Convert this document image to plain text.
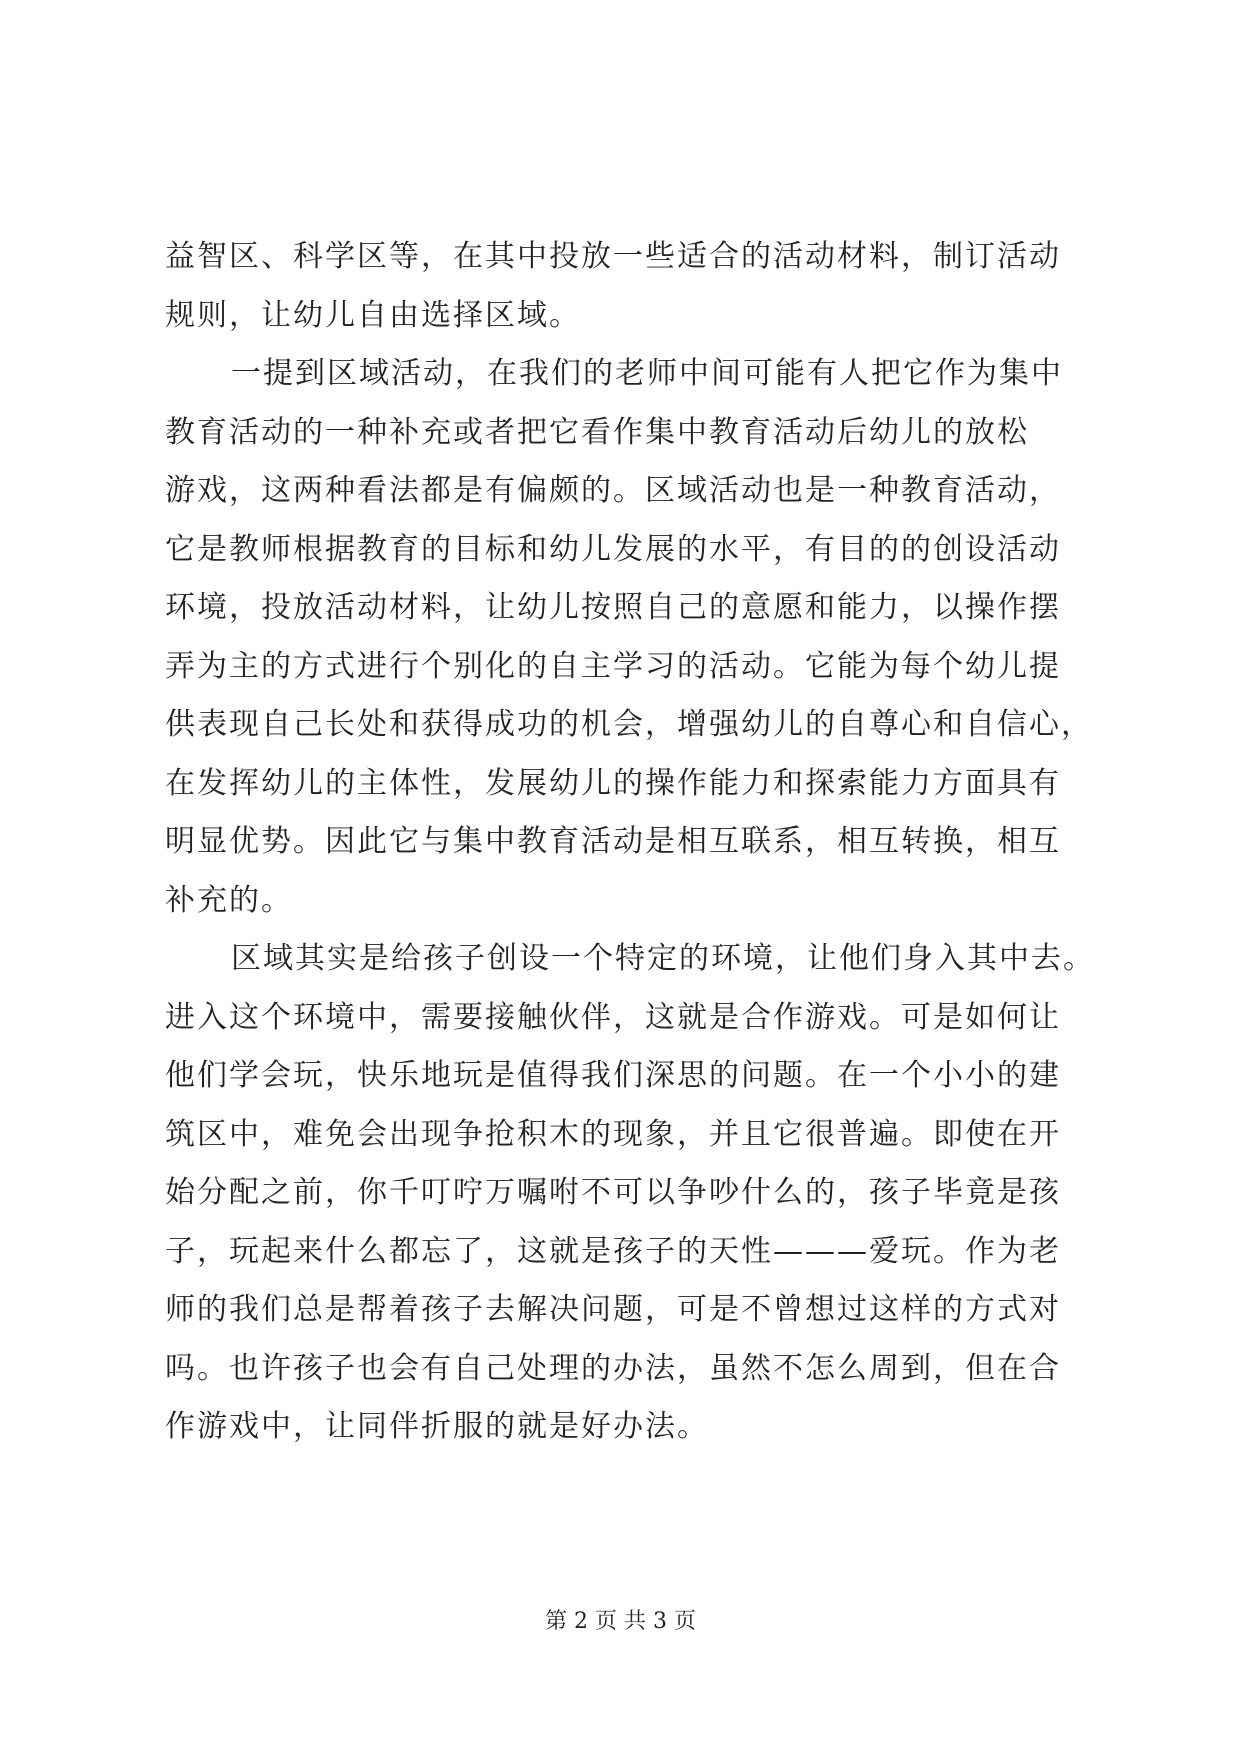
益智区、科学区等，在其中投放一些适合的活动材料，制订活动
规则，让幼儿自由选择区域。
一提到区域活动，在我们的老师中间可能有人把它作为集中
教育活动的一种补充或者把它看作集中教育活动后幼儿的放松
游戏，这两种看法都是有偏颇的。区域活动也是一种教育活动，
它是教师根据教育的目标和幼儿发展的水平，有目的的创设活动
环境，投放活动材料，让幼儿按照自己的意愿和能力，以操作摆
弄为主的方式进行个别化的自主学习的活动。它能为每个幼儿提
供表现自己长处和获得成功的机会，增强幼儿的自尊心和自信心，
在发挥幼儿的主体性，发展幼儿的操作能力和探索能力方面具有
明显优势。因此它与集中教育活动是相互联系，相互转换，相互
补充的。
区域其实是给孩子创设一个特定的环境，让他们身入其中去。
进入这个环境中，需要接触伙伴，这就是合作游戏。可是如何让
他们学会玩，快乐地玩是值得我们深思的问题。在一个小小的建
筑区中，难免会出现争抢积木的现象，并且它很普遍。即使在开
始分配之前，你千叮咛万嘱咐不可以争吵什么的，孩子毕竟是孩
子，玩起来什么都忘了，这就是孩子的天性———爱玩。作为老
师的我们总是帮着孩子去解决问题，可是不曾想过这样的方式对
吗。也许孩子也会有自己处理的办法，虽然不怎么周到，但在合
作游戏中，让同伴折服的就是好办法。
第 2 页 共 3 页
